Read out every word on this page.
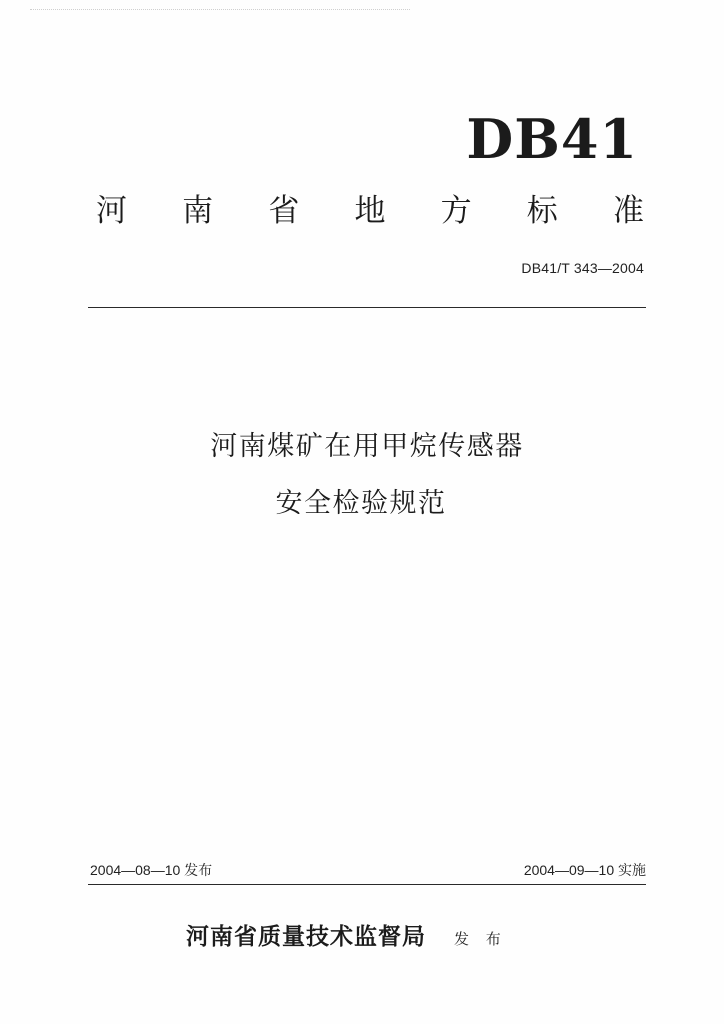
DB41
河 南 省 地 方 标 准
DB41/T 343—2004
河南煤矿在用甲烷传感器
安全检验规范
2004—08—10 发布	2004—09—10 实施
河南省质量技术监督局 发 布
